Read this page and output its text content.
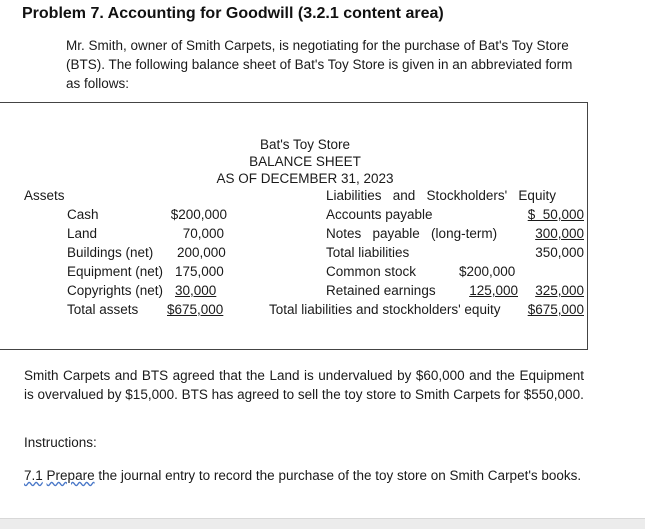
Problem 7. Accounting for Goodwill (3.2.1 content area)
Mr. Smith, owner of Smith Carpets, is negotiating for the purchase of Bat's Toy Store (BTS). The following balance sheet of Bat's Toy Store is given in an abbreviated form as follows:
Bat's Toy Store
BALANCE SHEET
AS OF DECEMBER 31, 2023
Assets
Cash	$200,000
Land	70,000
Buildings (net) 200,000
Equipment (net) 175,000
Copyrights (net) 30,000
Total assets $675,000
Liabilities   and   Stockholders'   Equity
Accounts payable	$  50,000
Notes   payable   (long-term)	300,000
Total liabilities	350,000
Common stock	$200,000
Retained earnings	125,000	325,000
Total liabilities and stockholders' equity	$675,000
Smith Carpets and BTS agreed that the Land is undervalued by $60,000 and the Equipment is overvalued by $15,000. BTS has agreed to sell the toy store to Smith Carpets for $550,000.
Instructions:
7.1 Prepare the journal entry to record the purchase of the toy store on Smith Carpet's books.
